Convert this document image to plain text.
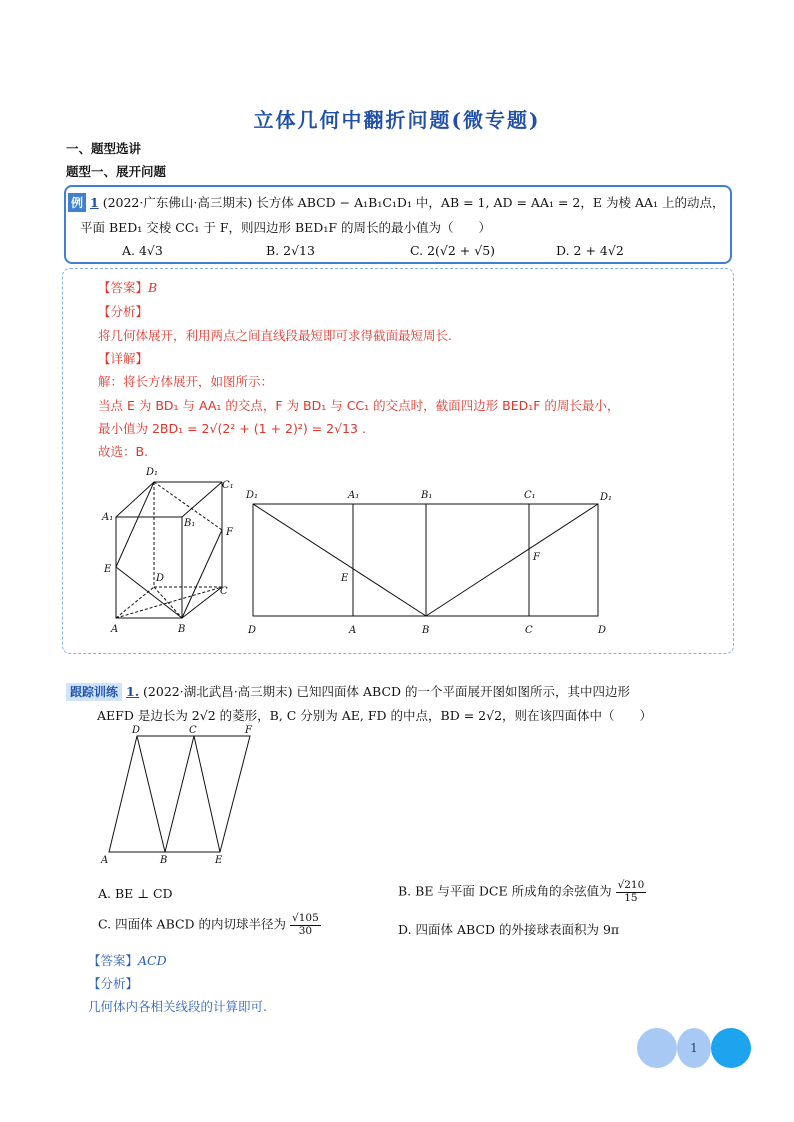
立体几何中翻折问题(微专题)
一、题型选讲
题型一、展开问题
例 1 (2022·广东佛山·高三期末) 长方体 ABCD − A₁B₁C₁D₁ 中，AB = 1, AD = AA₁ = 2，E 为棱 AA₁ 上的动点，
平面 BED₁ 交棱 CC₁ 于 F，则四边形 BED₁F 的周长的最小值为（　　）
A. 4√3	B. 2√13	C. 2(√2 + √5)	D. 2 + 4√2
【答案】B
【分析】
将几何体展开，利用两点之间直线段最短即可求得截面最短周长.
【详解】
解：将长方体展开，如图所示：
当点 E 为 BD₁ 与 AA₁ 的交点，F 为 BD₁ 与 CC₁ 的交点时，截面四边形 BED₁F 的周长最小，
最小值为 2BD₁ = 2√(2² + (1 + 2)²) = 2√13 .
故选：B.
D₁
C₁
A₁
B₁
F
E
D
C
A	B
D₁	A₁	B₁	C₁	D₁
D	A	B	C	D
E
F
跟踪训练 1. (2022·湖北武昌·高三期末) 已知四面体 ABCD 的一个平面展开图如图所示，其中四边形
AEFD 是边长为 2√2 的菱形，B, C 分别为 AE, FD 的中点，BD = 2√2，则在该四面体中（　　）
D	C	F
A	B	E
A. BE ⊥ CD	B. BE 与平面 DCE 所成角的余弦值为 $\frac{√210}{15}$
C. 四面体 ABCD 的内切球半径为 $\frac{√105}{30}$	D. 四面体 ABCD 的外接球表面积为 9π
【答案】ACD
【分析】
几何体内各相关线段的计算即可.
1
